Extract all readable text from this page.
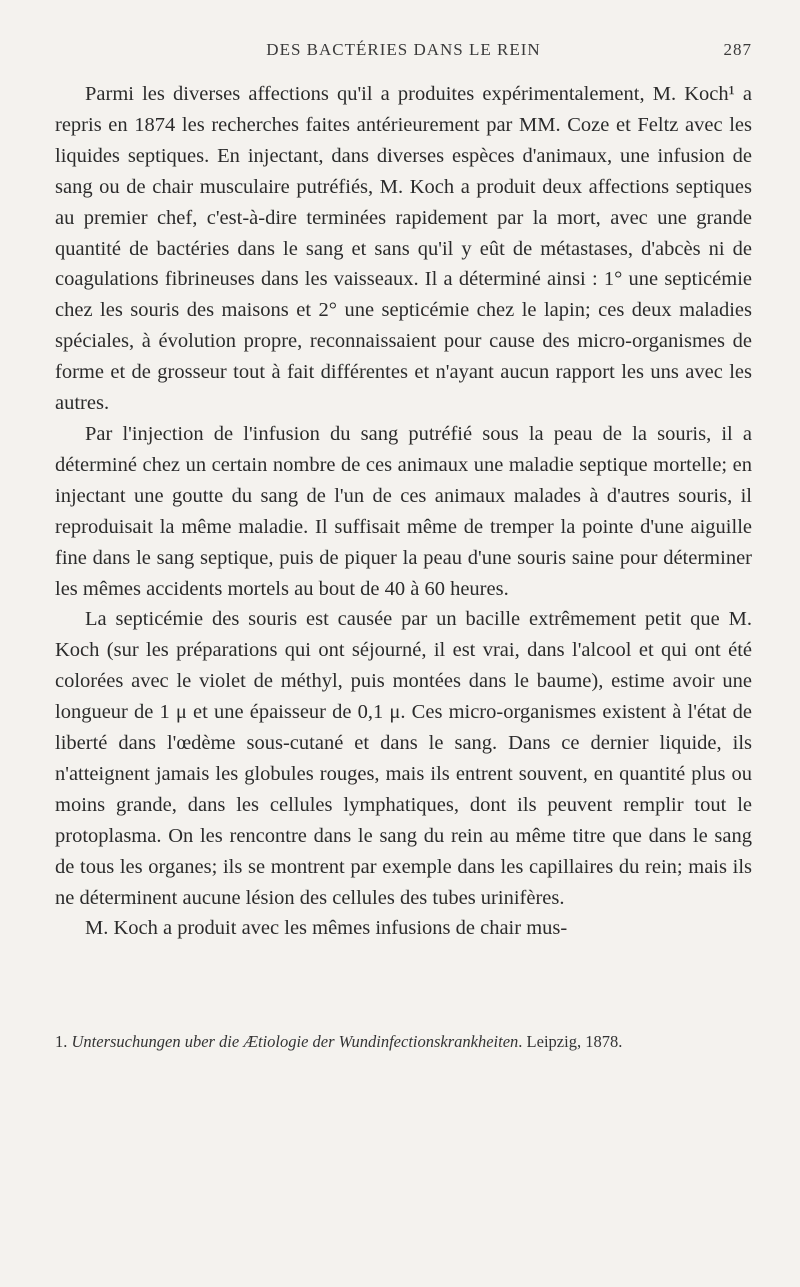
DES BACTÉRIES DANS LE REIN	287

Parmi les diverses affections qu'il a produites expérimentalement, M. Koch¹ a repris en 1874 les recherches faites antérieurement par MM. Coze et Feltz avec les liquides septiques. En injectant, dans diverses espèces d'animaux, une infusion de sang ou de chair musculaire putréfiés, M. Koch a produit deux affections septiques au premier chef, c'est-à-dire terminées rapidement par la mort, avec une grande quantité de bactéries dans le sang et sans qu'il y eût de métastases, d'abcès ni de coagulations fibrineuses dans les vaisseaux. Il a déterminé ainsi : 1° une septicémie chez les souris des maisons et 2° une septicémie chez le lapin; ces deux maladies spéciales, à évolution propre, reconnaissaient pour cause des micro-organismes de forme et de grosseur tout à fait différentes et n'ayant aucun rapport les uns avec les autres.

Par l'injection de l'infusion du sang putréfié sous la peau de la souris, il a déterminé chez un certain nombre de ces animaux une maladie septique mortelle; en injectant une goutte du sang de l'un de ces animaux malades à d'autres souris, il reproduisait la même maladie. Il suffisait même de tremper la pointe d'une aiguille fine dans le sang septique, puis de piquer la peau d'une souris saine pour déterminer les mêmes accidents mortels au bout de 40 à 60 heures.

La septicémie des souris est causée par un bacille extrêmement petit que M. Koch (sur les préparations qui ont séjourné, il est vrai, dans l'alcool et qui ont été colorées avec le violet de méthyl, puis montées dans le baume), estime avoir une longueur de 1 μ et une épaisseur de 0,1 μ. Ces micro-organismes existent à l'état de liberté dans l'œdème sous-cutané et dans le sang. Dans ce dernier liquide, ils n'atteignent jamais les globules rouges, mais ils entrent souvent, en quantité plus ou moins grande, dans les cellules lymphatiques, dont ils peuvent remplir tout le protoplasma. On les rencontre dans le sang du rein au même titre que dans le sang de tous les organes; ils se montrent par exemple dans les capillaires du rein; mais ils ne déterminent aucune lésion des cellules des tubes urinifères.

M. Koch a produit avec les mêmes infusions de chair mus-

1. Untersuchungen uber die Ætiologie der Wundinfectionskrankheiten. Leipzig, 1878.
